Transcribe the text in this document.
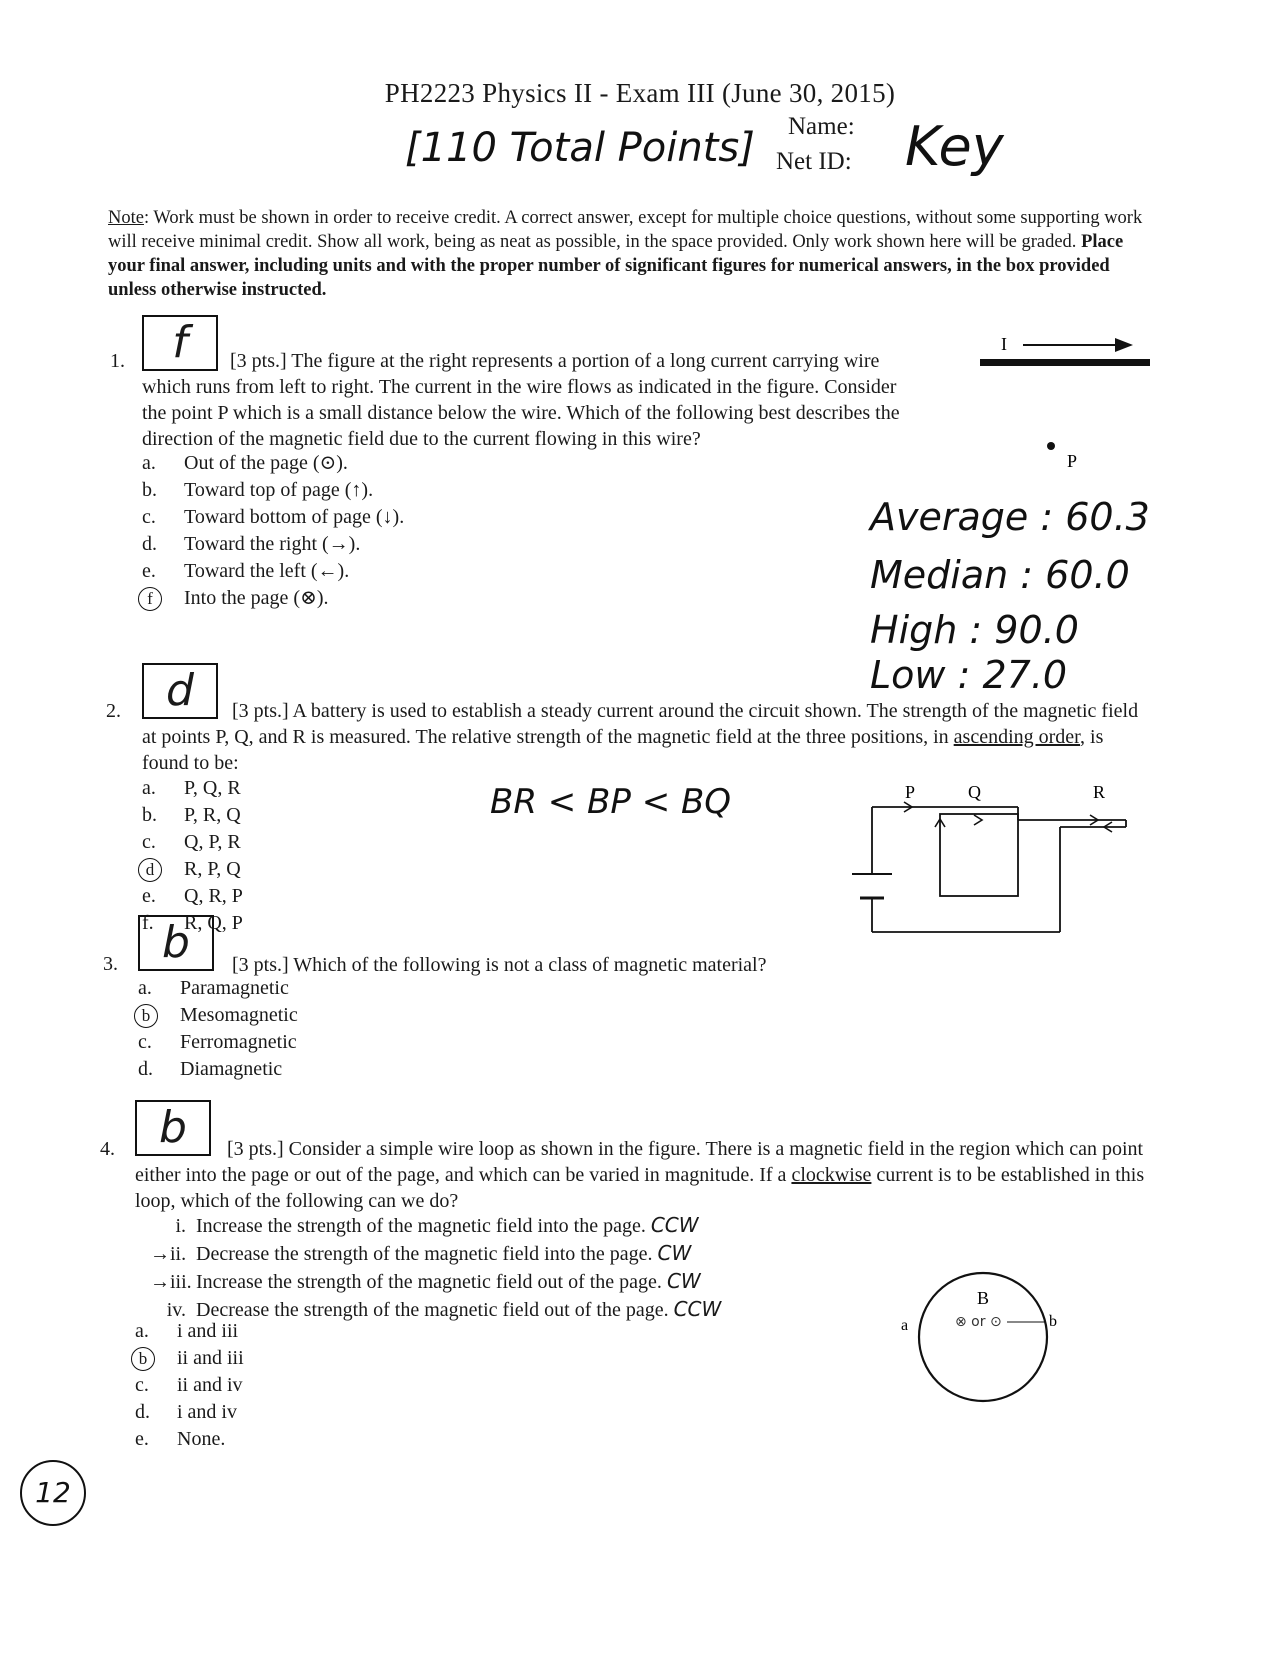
PH2223 Physics II - Exam III (June 30, 2015)
[110 Total Points] Name:
Net ID: Key
Note: Work must be shown in order to receive credit. A correct answer, except for multiple choice questions, without some supporting work will receive minimal credit. Show all work, being as neat as possible, in the space provided. Only work shown here will be graded. Place your final answer, including units and with the proper number of significant figures for numerical answers, in the box provided unless otherwise instructed.
1.	f	[3 pts.] The figure at the right represents a portion of a long current carrying wire which runs from left to right. The current in the wire flows as indicated in the figure. Consider the point P which is a small distance below the wire. Which of the following best describes the direction of the magnetic field due to the current flowing in this wire?
a. Out of the page (⊙).
b. Toward top of page (↑).
c. Toward bottom of page (↓).
d. Toward the right (→).
e. Toward the left (←).
f Into the page (⊗).
I
P
Average : 60.3
Median : 60.0
High : 90.0
Low : 27.0
2.	d	[3 pts.] A battery is used to establish a steady current around the circuit shown. The strength of the magnetic field at points P, Q, and R is measured. The relative strength of the magnetic field at the three positions, in ascending order, is found to be:
a. P, Q, R
b. P, R, Q
c. Q, P, R
d R, P, Q
e. Q, R, P
f. R, Q, P
BR < BP < BQ	P	Q	R
3.	b	[3 pts.] Which of the following is not a class of magnetic material?
a. Paramagnetic
b Mesomagnetic
c. Ferromagnetic
d. Diamagnetic
4.	b	[3 pts.] Consider a simple wire loop as shown in the figure. There is a magnetic field in the region which can point either into the page or out of the page, and which can be varied in magnitude. If a clockwise current is to be established in this loop, which of the following can we do?
i. Increase the strength of the magnetic field into the page. CCW
→ii. Decrease the strength of the magnetic field into the page. CW
→iii. Increase the strength of the magnetic field out of the page. CW
iv. Decrease the strength of the magnetic field out of the page. CCW
a. i and iii
b ii and iii
c. ii and iv
d. i and iv
e. None.
B
⊗ or ⊙
a	b
12
